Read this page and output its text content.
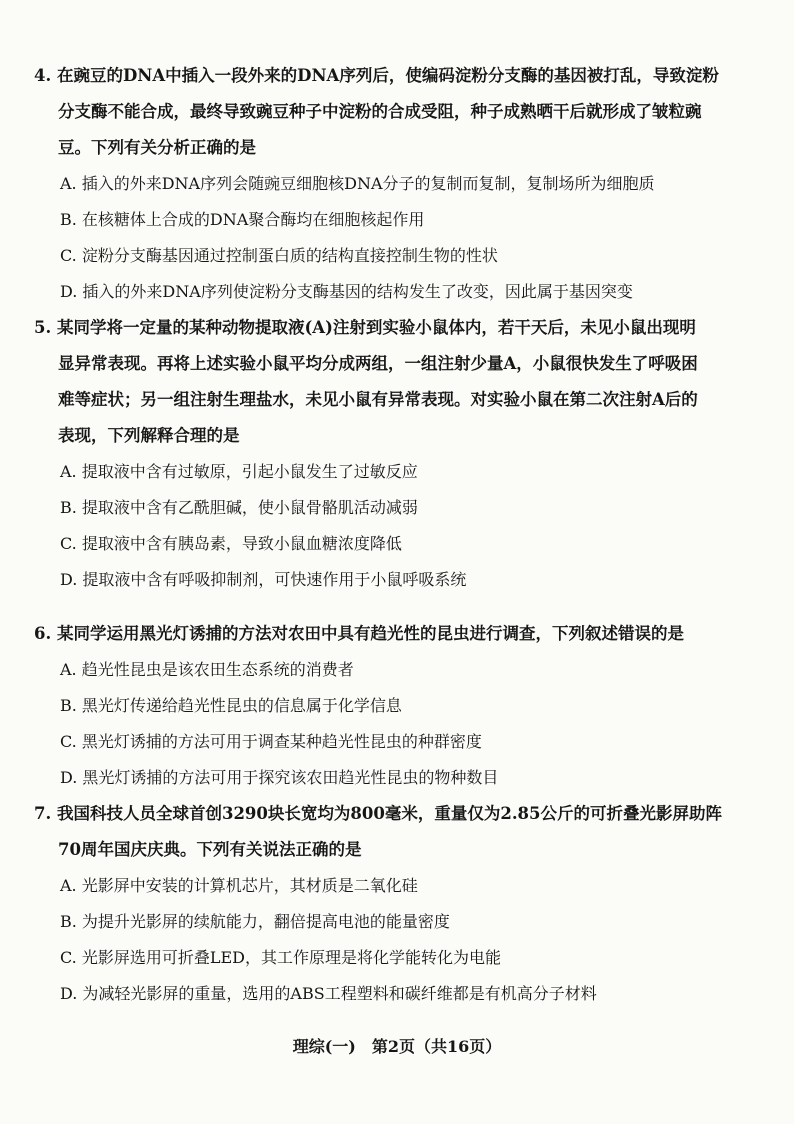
4. 在豌豆的DNA中插入一段外来的DNA序列后，使编码淀粉分支酶的基因被打乱，导致淀粉
分支酶不能合成，最终导致豌豆种子中淀粉的合成受阻，种子成熟晒干后就形成了皱粒豌
豆。下列有关分析正确的是
A. 插入的外来DNA序列会随豌豆细胞核DNA分子的复制而复制，复制场所为细胞质
B. 在核糖体上合成的DNA聚合酶均在细胞核起作用
C. 淀粉分支酶基因通过控制蛋白质的结构直接控制生物的性状
D. 插入的外来DNA序列使淀粉分支酶基因的结构发生了改变，因此属于基因突变
5. 某同学将一定量的某种动物提取液(A)注射到实验小鼠体内，若干天后，未见小鼠出现明
显异常表现。再将上述实验小鼠平均分成两组，一组注射少量A，小鼠很快发生了呼吸困
难等症状；另一组注射生理盐水，未见小鼠有异常表现。对实验小鼠在第二次注射A后的
表现，下列解释合理的是
A. 提取液中含有过敏原，引起小鼠发生了过敏反应
B. 提取液中含有乙酰胆碱，使小鼠骨骼肌活动减弱
C. 提取液中含有胰岛素，导致小鼠血糖浓度降低
D. 提取液中含有呼吸抑制剂，可快速作用于小鼠呼吸系统
6. 某同学运用黑光灯诱捕的方法对农田中具有趋光性的昆虫进行调查，下列叙述错误的是
A. 趋光性昆虫是该农田生态系统的消费者
B. 黑光灯传递给趋光性昆虫的信息属于化学信息
C. 黑光灯诱捕的方法可用于调查某种趋光性昆虫的种群密度
D. 黑光灯诱捕的方法可用于探究该农田趋光性昆虫的物种数目
7. 我国科技人员全球首创3290块长宽均为800毫米，重量仅为2.85公斤的可折叠光影屏助阵
70周年国庆庆典。下列有关说法正确的是
A. 光影屏中安装的计算机芯片，其材质是二氧化硅
B. 为提升光影屏的续航能力，翻倍提高电池的能量密度
C. 光影屏选用可折叠LED，其工作原理是将化学能转化为电能
D. 为减轻光影屏的重量，选用的ABS工程塑料和碳纤维都是有机高分子材料
理综(一)　第2页（共16页）
